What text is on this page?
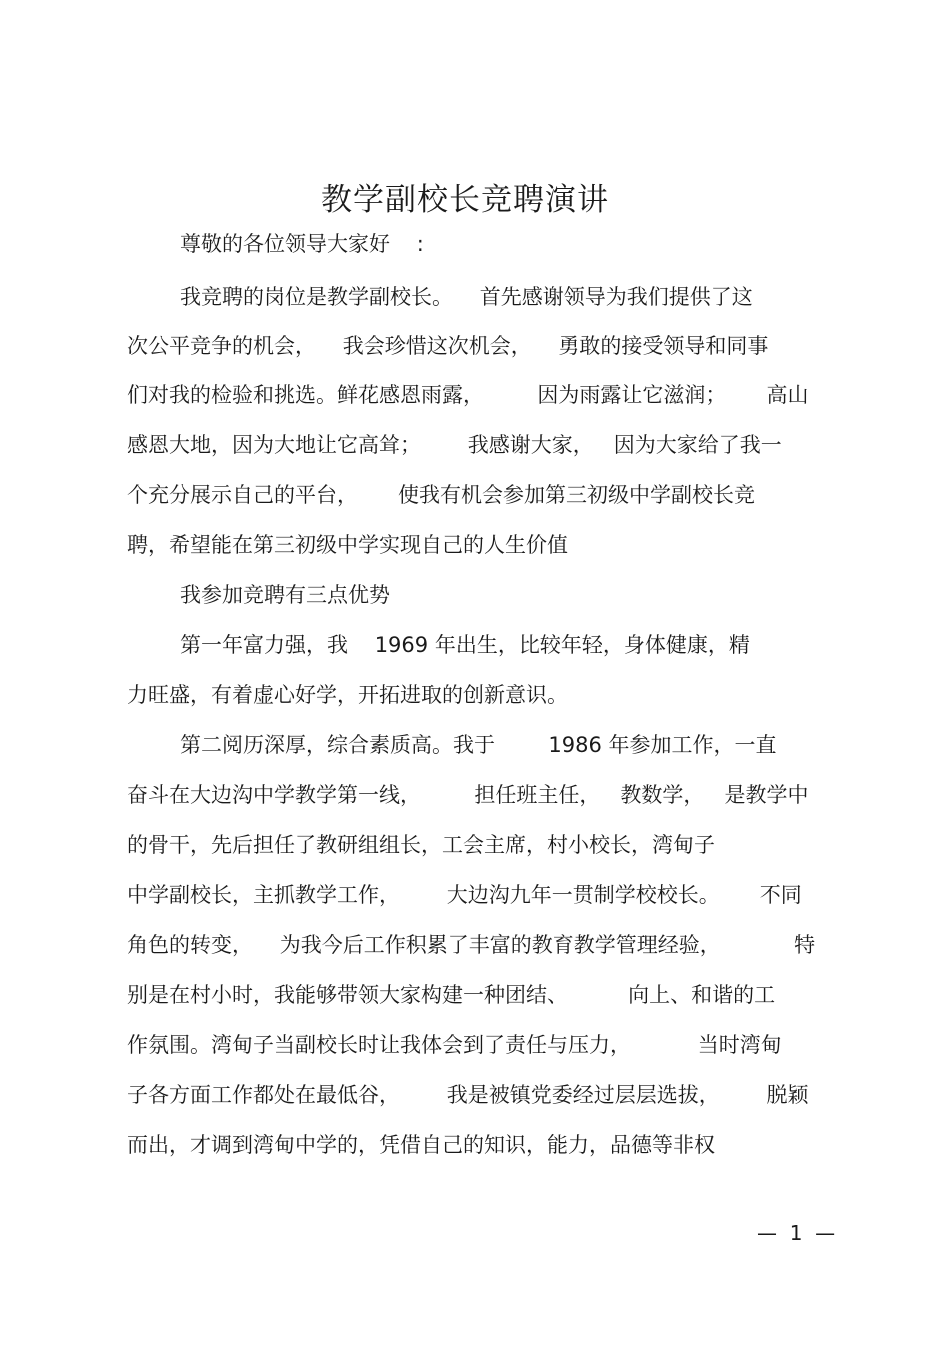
教学副校长竞聘演讲
尊敬的各位领导大家好    :
我竞聘的岗位是教学副校长。    首先感谢领导为我们提供了这
次公平竞争的机会，    我会珍惜这次机会，    勇敢的接受领导和同事
们对我的检验和挑选。鲜花感恩雨露，        因为雨露让它滋润；      高山
感恩大地，因为大地让它高耸；       我感谢大家，   因为大家给了我一
个充分展示自己的平台，      使我有机会参加第三初级中学副校长竞
聘，希望能在第三初级中学实现自己的人生价值
我参加竞聘有三点优势
第一年富力强，我    1969 年出生，比较年轻，身体健康，精
力旺盛，有着虚心好学，开拓进取的创新意识。
第二阅历深厚，综合素质高。我于        1986 年参加工作，一直
奋斗在大边沟中学教学第一线，        担任班主任，   教数学，   是教学中
的骨干，先后担任了教研组组长，工会主席，村小校长，湾甸子
中学副校长，主抓教学工作，       大边沟九年一贯制学校校长。      不同
角色的转变，    为我今后工作积累了丰富的教育教学管理经验，           特
别是在村小时，我能够带领大家构建一种团结、         向上、和谐的工
作氛围。湾甸子当副校长时让我体会到了责任与压力，          当时湾甸
子各方面工作都处在最低谷，       我是被镇党委经过层层选拔，       脱颖
而出，才调到湾甸中学的，凭借自己的知识，能力，品德等非权
—  1  —
